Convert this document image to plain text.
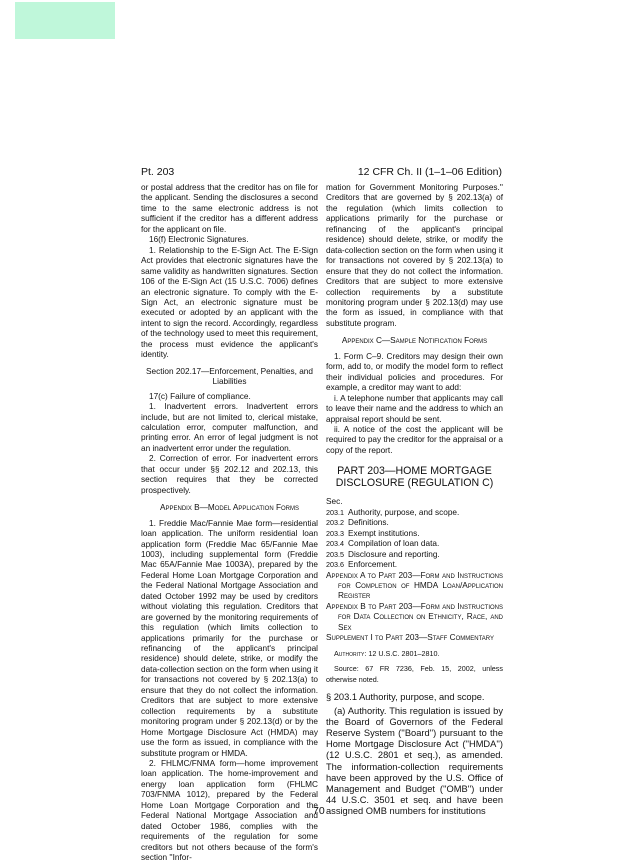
Pt. 203	12 CFR Ch. II (1–1–06 Edition)

or postal address that the creditor has on file for the applicant. Sending the disclosures a second time to the same electronic address is not sufficient if the creditor has a different address for the applicant on file.

16(f) Electronic Signatures.

1. Relationship to the E-Sign Act. The E-Sign Act provides that electronic signatures have the same validity as handwritten signatures. Section 106 of the E-Sign Act (15 U.S.C. 7006) defines an electronic signature. To comply with the E-Sign Act, an electronic signature must be executed or adopted by an applicant with the intent to sign the record. Accordingly, regardless of the technology used to meet this requirement, the process must evidence the applicant's identity.

Section 202.17—Enforcement, Penalties, and Liabilities

17(c) Failure of compliance.

1. Inadvertent errors. Inadvertent errors include, but are not limited to, clerical mistake, calculation error, computer malfunction, and printing error. An error of legal judgment is not an inadvertent error under the regulation.

2. Correction of error. For inadvertent errors that occur under §§ 202.12 and 202.13, this section requires that they be corrected prospectively.

Appendix B—Model Application Forms

1. Freddie Mac/Fannie Mae form—residential loan application. The uniform residential loan application form (Freddie Mac 65/Fannie Mae 1003), including supplemental form (Freddie Mac 65A/Fannie Mae 1003A), prepared by the Federal Home Loan Mortgage Corporation and the Federal National Mortgage Association and dated October 1992 may be used by creditors without violating this regulation. Creditors that are governed by the monitoring requirements of this regulation (which limits collection to applications primarily for the purchase or refinancing of the applicant's principal residence) should delete, strike, or modify the data-collection section on the form when using it for transactions not covered by § 202.13(a) to ensure that they do not collect the information. Creditors that are subject to more extensive collection requirements by a substitute monitoring program under § 202.13(d) or by the Home Mortgage Disclosure Act (HMDA) may use the form as issued, in compliance with the substitute program or HMDA.

2. FHLMC/FNMA form—home improvement loan application. The home-improvement and energy loan application form (FHLMC 703/FNMA 1012), prepared by the Federal Home Loan Mortgage Corporation and the Federal National Mortgage Association and dated October 1986, complies with the requirements of the regulation for some creditors but not others because of the form's section ''Infor-

mation for Government Monitoring Purposes.'' Creditors that are governed by § 202.13(a) of the regulation (which limits collection to applications primarily for the purchase or refinancing of the applicant's principal residence) should delete, strike, or modify the data-collection section on the form when using it for transactions not covered by § 202.13(a) to ensure that they do not collect the information. Creditors that are subject to more extensive collection requirements by a substitute monitoring program under § 202.13(d) may use the form as issued, in compliance with that substitute program.

Appendix C—Sample Notification Forms

1. Form C–9. Creditors may design their own form, add to, or modify the model form to reflect their individual policies and procedures. For example, a creditor may want to add:

i. A telephone number that applicants may call to leave their name and the address to which an appraisal report should be sent.

ii. A notice of the cost the applicant will be required to pay the creditor for the appraisal or a copy of the report.

PART 203—HOME MORTGAGE DISCLOSURE (REGULATION C)

Sec.

203.1 Authority, purpose, and scope.
203.2 Definitions.
203.3 Exempt institutions.
203.4 Compilation of loan data.
203.5 Disclosure and reporting.
203.6 Enforcement.
Appendix A to Part 203—Form and Instructions for Completion of HMDA Loan/Application Register
Appendix B to Part 203—Form and Instructions for Data Collection on Ethnicity, Race, and Sex
Supplement I to Part 203—Staff Commentary

Authority: 12 U.S.C. 2801–2810.

Source: 67 FR 7236, Feb. 15, 2002, unless otherwise noted.

§ 203.1 Authority, purpose, and scope.

(a) Authority. This regulation is issued by the Board of Governors of the Federal Reserve System (''Board'') pursuant to the Home Mortgage Disclosure Act (''HMDA'') (12 U.S.C. 2801 et seq.), as amended. The information-collection requirements have been approved by the U.S. Office of Management and Budget (''OMB'') under 44 U.S.C. 3501 et seq. and have been assigned OMB numbers for institutions

70
